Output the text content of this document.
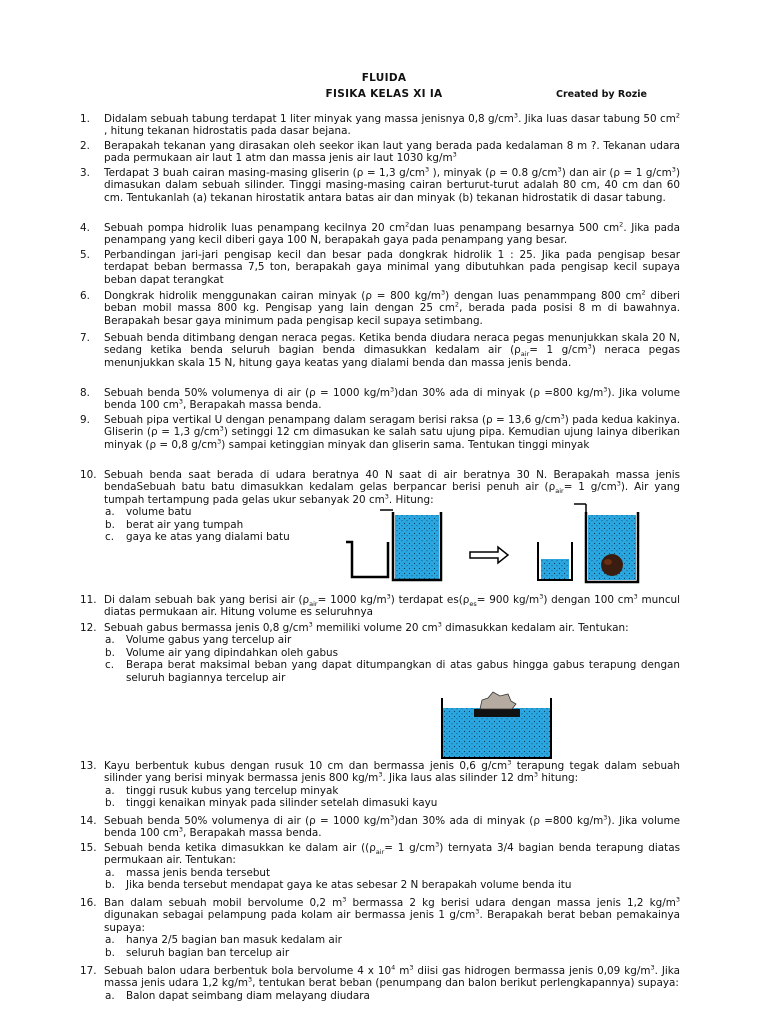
FLUIDA
FISIKA KELAS XI IA	Created by Rozie
1.	Didalam sebuah tabung terdapat 1 liter minyak yang massa jenisnya 0,8 $g/cm^3$. Jika luas dasar tabung 50 $cm^2$ , hitung tekanan hidrostatis pada dasar bejana.
2.	Berapakah tekanan yang dirasakan oleh seekor ikan laut yang berada pada kedalaman 8 m ?. Tekanan udara pada permukaan air laut 1 atm dan massa jenis air laut 1030 $kg/m^3$
3.	Terdapat 3 buah cairan masing-masing gliserin (ρ = 1,3 $g/cm^3$ ), minyak (ρ = 0.8 $g/cm^3$) dan air (ρ = 1 $g/cm^3$) dimasukan dalam sebuah silinder. Tinggi masing-masing cairan berturut-turut adalah 80 cm, 40 cm dan 60 cm. Tentukanlah (a) tekanan hirostatik antara batas air dan minyak (b) tekanan hidrostatik di dasar tabung.
4.	Sebuah pompa hidrolik luas penampang kecilnya 20 $cm^2dan$ luas penampang besarnya 500 $cm^2$. Jika pada penampang yang kecil diberi gaya 100 N, berapakah gaya pada penampang yang besar.
5.	Perbandingan jari-jari pengisap kecil dan besar pada dongkrak hidrolik 1 : 25. Jika pada pengisap besar terdapat beban bermassa 7,5 ton, berapakah gaya minimal yang dibutuhkan pada pengisap kecil supaya beban dapat terangkat
6.	Dongkrak hidrolik menggunakan cairan minyak (ρ = 800 $kg/m^3$) dengan luas penammpang 800 $cm^2$ diberi beban mobil massa 800 kg. Pengisap yang lain dengan 25 $cm^2$, berada pada posisi 8 m di bawahnya. Berapakah besar gaya minimum pada pengisap kecil supaya setimbang.
7.	Sebuah benda ditimbang dengan neraca pegas. Ketika benda diudara neraca pegas menunjukkan skala 20 N, sedang ketika benda seluruh bagian benda dimasukkan kedalam air ($\rho_{air}= 1$ $g/cm^3$) neraca pegas menunjukkan skala 15 N, hitung gaya keatas yang dialami benda dan massa jenis benda.
8.	Sebuah benda 50% volumenya di air (ρ = 1000 $kg/m^3)dan$ 30% ada di minyak (ρ =800 $kg/m^3$). Jika volume benda 100 $cm^3$, Berapakah massa benda.
9.	Sebuah pipa vertikal U dengan penampang dalam seragam berisi raksa (ρ = 13,6 $g/cm^3$) pada kedua kakinya. Gliserin (ρ = 1,3 $g/cm^3$) setinggi 12 cm dimasukan ke salah satu ujung pipa. Kemudian ujung lainya diberikan minyak (ρ = 0,8 $g/cm^3$) sampai ketinggian minyak dan gliserin sama. Tentukan tinggi minyak
10. Sebuah benda saat berada di udara beratnya 40 N saat di air beratnya 30 N. Berapakah massa jenis bendaSebuah batu batu dimasukkan kedalam gelas berpancar berisi penuh air ($\rho_{air}= 1$ $g/cm^3$). Air yang tumpah tertampung pada gelas ukur sebanyak 20 $cm^3$. Hitung:
a. volume batu
b. berat air yang tumpah
c. gaya ke atas yang dialami batu
11. Di dalam sebuah bak yang berisi air ($\rho_{air}= 1000$ $kg/m^3$) terdapat $es(\rho_{es}= 900$ $kg/m^3$) dengan 100 $cm^3$ muncul diatas permukaan air. Hitung volume es seluruhnya
12. Sebuah gabus bermassa jenis 0,8 $g/cm^3$ memiliki volume 20 $cm^3$ dimasukkan kedalam air. Tentukan:
a. Volume gabus yang tercelup air
b. Volume air yang dipindahkan oleh gabus
c. Berapa berat maksimal beban yang dapat ditumpangkan di atas gabus hingga gabus terapung dengan seluruh bagiannya tercelup air
13. Kayu berbentuk kubus dengan rusuk 10 cm dan bermassa jenis 0,6 $g/cm^3$ terapung tegak dalam sebuah silinder yang berisi minyak bermassa jenis 800 $kg/m^3$. Jika laus alas silinder 12 $dm^3$ hitung:
a. tinggi rusuk kubus yang tercelup minyak
b. tinggi kenaikan minyak pada silinder setelah dimasuki kayu
14. Sebuah benda 50% volumenya di air (ρ = 1000 $kg/m^3)dan$ 30% ada di minyak (ρ =800 $kg/m^3$). Jika volume benda 100 $cm^3$, Berapakah massa benda.
15. Sebuah benda ketika dimasukkan ke dalam air (($\rho_{air}= 1$ $g/cm^3$) ternyata 3/4 bagian benda terapung diatas permukaan air. Tentukan:
a. massa jenis benda tersebut
b. Jika benda tersebut mendapat gaya ke atas sebesar 2 N berapakah volume benda itu
16. Ban dalam sebuah mobil bervolume 0,2 $m^3$ bermassa 2 kg berisi udara dengan massa jenis 1,2 $kg/m^3$ digunakan sebagai pelampung pada kolam air bermassa jenis 1 $g/cm^3$. Berapakah berat beban pemakainya supaya:
a. hanya 2/5 bagian ban masuk kedalam air
b. seluruh bagian ban tercelup air
17. Sebuah balon udara berbentuk bola bervolume 4 x $10^4$ $m^3$ diisi gas hidrogen bermassa jenis 0,09 $kg/m^3$. Jika massa jenis udara 1,2 $kg/m^3$, tentukan berat beban (penumpang dan balon berikut perlengkapannya) supaya:
a. Balon dapat seimbang diam melayang diudara
